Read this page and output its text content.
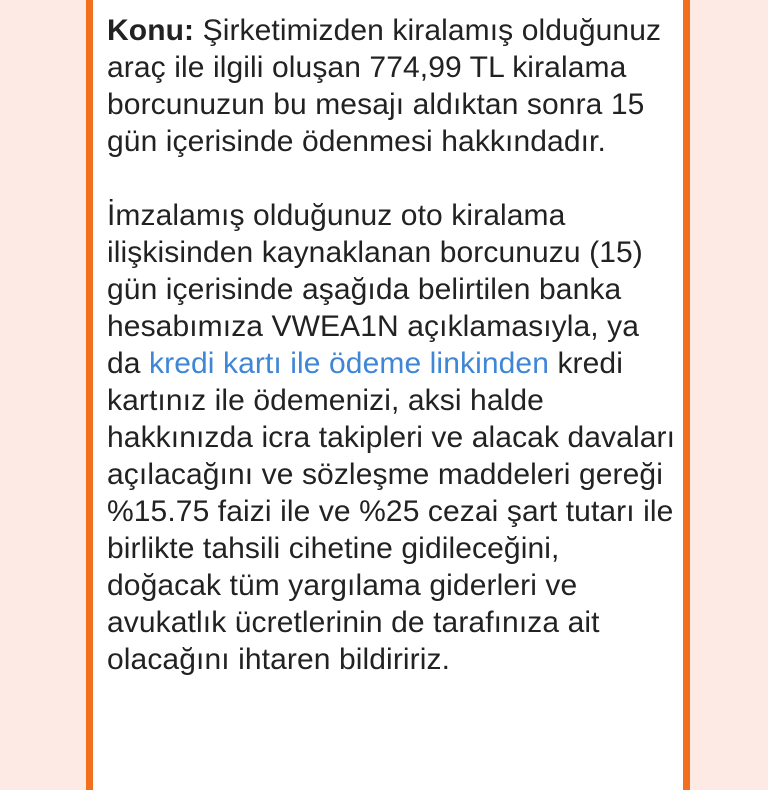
Konu: Şirketimizden kiralamış olduğunuz araç ile ilgili oluşan 774,99 TL kiralama borcunuzun bu mesajı aldıktan sonra 15 gün içerisinde ödenmesi hakkındadır.

İmzalamış olduğunuz oto kiralama ilişkisinden kaynaklanan borcunuzu (15) gün içerisinde aşağıda belirtilen banka hesabımıza VWEA1N açıklamasıyla, ya da kredi kartı ile ödeme linkinden kredi kartınız ile ödemenizi, aksi halde hakkınızda icra takipleri ve alacak davaları açılacağını ve sözleşme maddeleri gereği %15.75 faizi ile ve %25 cezai şart tutarı ile birlikte tahsili cihetine gidileceğini, doğacak tüm yargılama giderleri ve avukatlık ücretlerinin de tarafınıza ait olacağını ihtaren bildiririz.
